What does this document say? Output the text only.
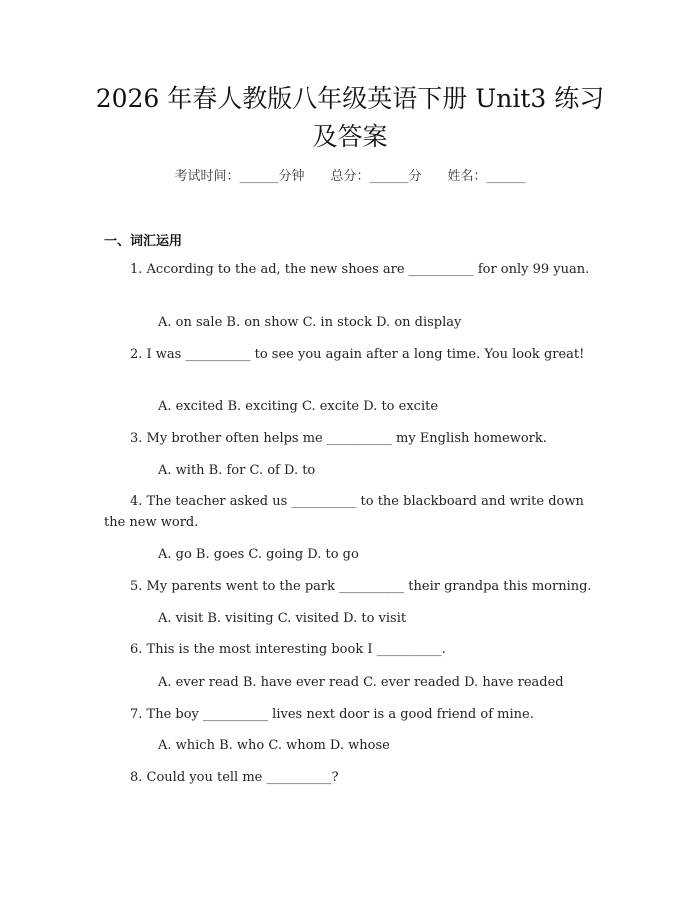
2026 年春人教版八年级英语下册 Unit3 练习及答案
考试时间：______分钟 总分：______分 姓名：______
一、词汇运用

1. According to the ad, the new shoes are __________ for only 99 yuan.

A. on sale B. on show C. in stock D. on display

2. I was __________ to see you again after a long time. You look great!

A. excited B. exciting C. excite D. to excite

3. My brother often helps me __________ my English homework.

A. with B. for C. of D. to

4. The teacher asked us __________ to the blackboard and write down the new word.

A. go B. goes C. going D. to go

5. My parents went to the park __________ their grandpa this morning.

A. visit B. visiting C. visited D. to visit

6. This is the most interesting book I __________.

A. ever read B. have ever read C. ever readed D. have readed

7. The boy __________ lives next door is a good friend of mine.

A. which B. who C. whom D. whose

8. Could you tell me __________?
